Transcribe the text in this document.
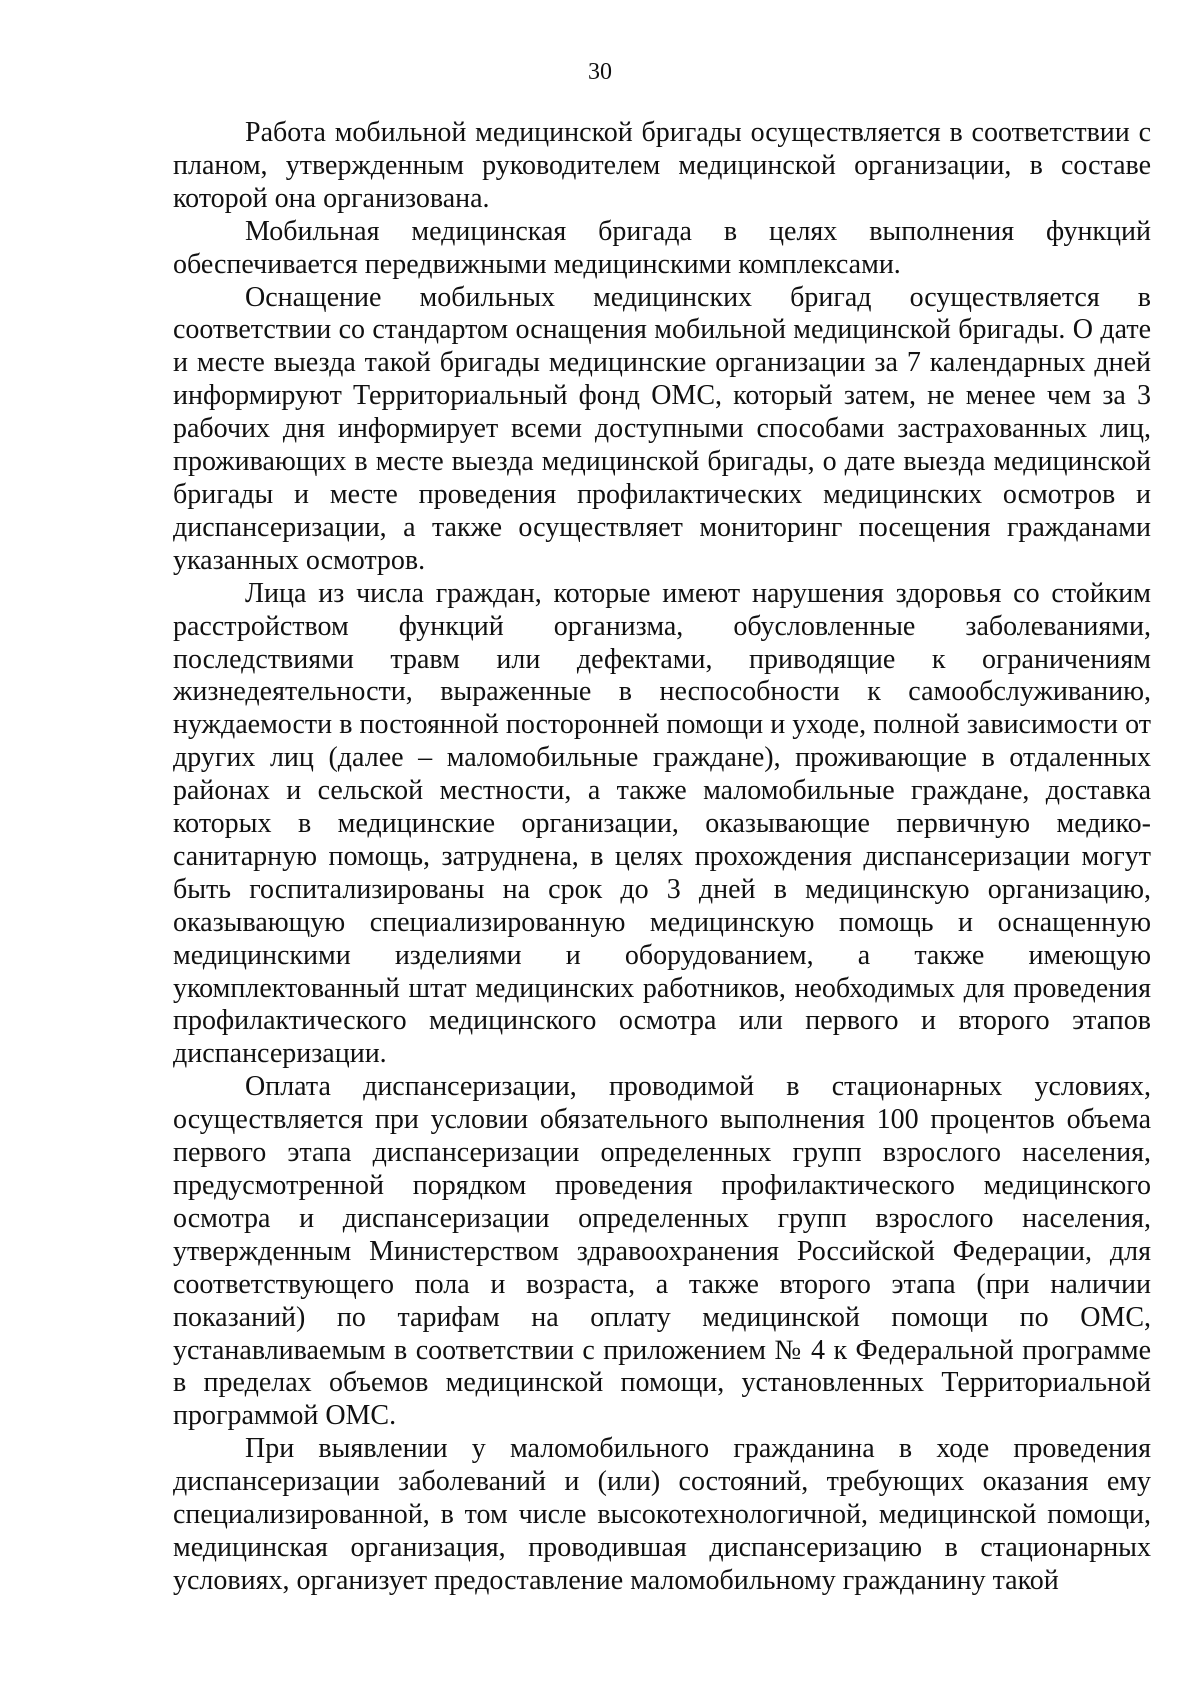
30

Работа мобильной медицинской бригады осуществляется в соответствии с планом, утвержденным руководителем медицинской организации, в составе которой она организована.

Мобильная медицинская бригада в целях выполнения функций обеспечивается передвижными медицинскими комплексами.

Оснащение мобильных медицинских бригад осуществляется в соответствии со стандартом оснащения мобильной медицинской бригады. О дате и месте выезда такой бригады медицинские организации за 7 календарных дней информируют Территориальный фонд ОМС, который затем, не менее чем за 3 рабочих дня информирует всеми доступными способами застрахованных лиц, проживающих в месте выезда медицинской бригады, о дате выезда медицинской бригады и месте проведения профилактических медицинских осмотров и диспансеризации, а также осуществляет мониторинг посещения гражданами указанных осмотров.

Лица из числа граждан, которые имеют нарушения здоровья со стойким расстройством функций организма, обусловленные заболеваниями, последствиями травм или дефектами, приводящие к ограничениям жизнедеятельности, выраженные в неспособности к самообслуживанию, нуждаемости в постоянной посторонней помощи и уходе, полной зависимости от других лиц (далее – маломобильные граждане), проживающие в отдаленных районах и сельской местности, а также маломобильные граждане, доставка которых в медицинские организации, оказывающие первичную медико-санитарную помощь, затруднена, в целях прохождения диспансеризации могут быть госпитализированы на срок до 3 дней в медицинскую организацию, оказывающую специализированную медицинскую помощь и оснащенную медицинскими изделиями и оборудованием, а также имеющую укомплектованный штат медицинских работников, необходимых для проведения профилактического медицинского осмотра или первого и второго этапов диспансеризации.

Оплата диспансеризации, проводимой в стационарных условиях, осуществляется при условии обязательного выполнения 100 процентов объема первого этапа диспансеризации определенных групп взрослого населения, предусмотренной порядком проведения профилактического медицинского осмотра и диспансеризации определенных групп взрослого населения, утвержденным Министерством здравоохранения Российской Федерации, для соответствующего пола и возраста, а также второго этапа (при наличии показаний) по тарифам на оплату медицинской помощи по ОМС, устанавливаемым в соответствии с приложением № 4 к Федеральной программе в пределах объемов медицинской помощи, установленных Территориальной программой ОМС.

При выявлении у маломобильного гражданина в ходе проведения диспансеризации заболеваний и (или) состояний, требующих оказания ему специализированной, в том числе высокотехнологичной, медицинской помощи, медицинская организация, проводившая диспансеризацию в стационарных условиях, организует предоставление маломобильному гражданину такой
